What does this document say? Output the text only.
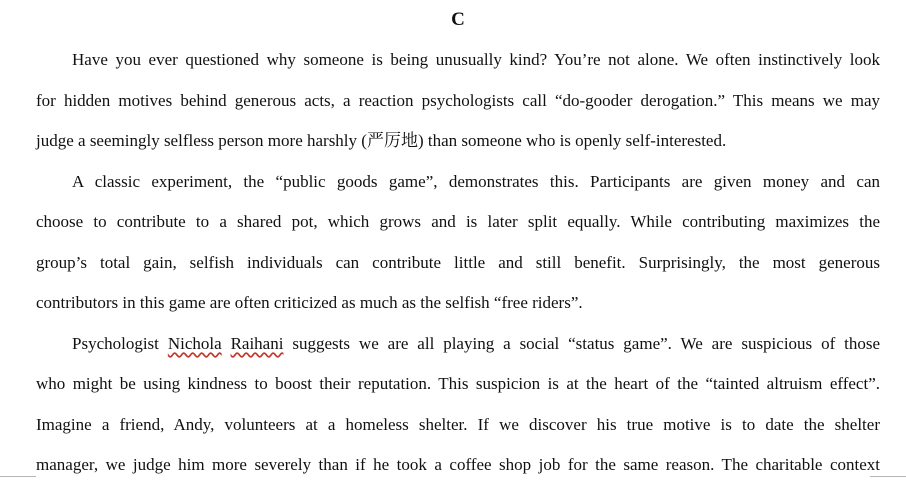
C
Have you ever questioned why someone is being unusually kind? You’re not alone. We often instinctively look
for hidden motives behind generous acts, a reaction psychologists call “do-gooder derogation.” This means we may
judge a seemingly selfless person more harshly (严厉地) than someone who is openly self-interested.
A classic experiment, the “public goods game”, demonstrates this. Participants are given money and can
choose to contribute to a shared pot, which grows and is later split equally. While contributing maximizes the
group’s total gain, selfish individuals can contribute little and still benefit. Surprisingly, the most generous
contributors in this game are often criticized as much as the selfish “free riders”.
Psychologist Nichola Raihani suggests we are all playing a social “status game”. We are suspicious of those
who might be using kindness to boost their reputation. This suspicion is at the heart of the “tainted altruism effect”.
Imagine a friend, Andy, volunteers at a homeless shelter. If we discover his true motive is to date the shelter
manager, we judge him more severely than if he took a coffee shop job for the same reason. The charitable context
